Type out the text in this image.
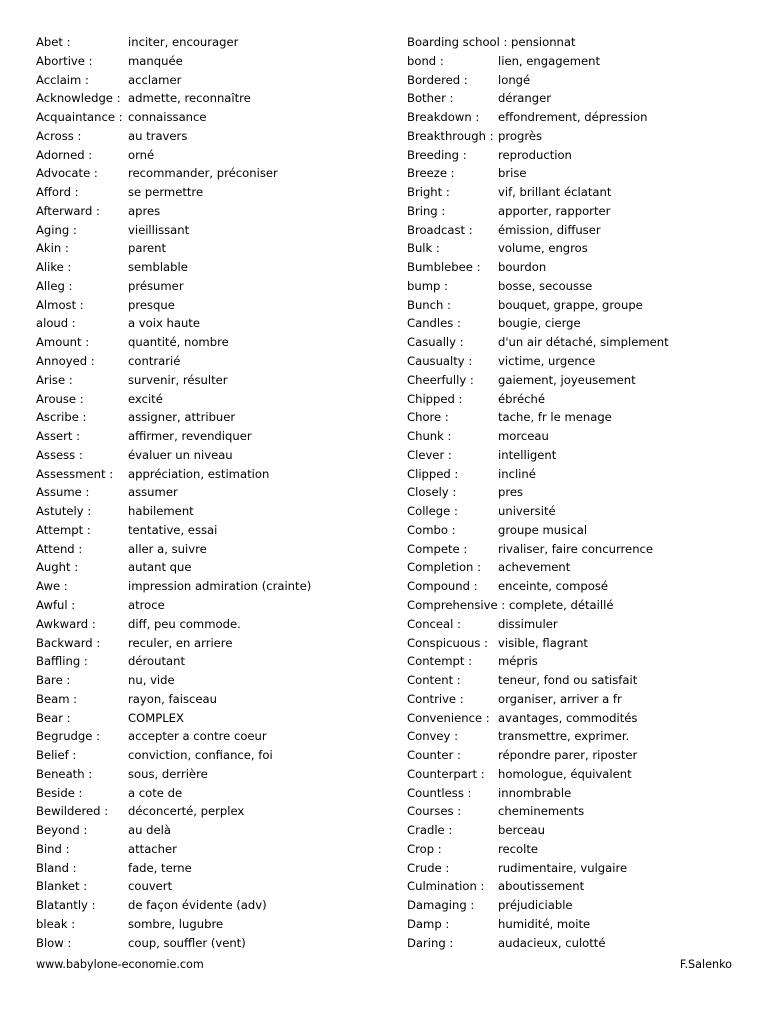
Abet :	inciter, encourager
Abortive :	manquée
Acclaim :	acclamer
Acknowledge : admette, reconnaître
Acquaintance : connaissance
Across :	au travers
Adorned :	orné
Advocate :	recommander, préconiser
Afford :	se permettre
Afterward : apres
Aging :	vieillissant
Akin :	parent
Alike :	semblable
Alleg :	présumer
Almost :	presque
aloud :	a voix haute
Amount :	quantité, nombre
Annoyed :	contrarié
Arise :	survenir, résulter
Arouse :	excité
Ascribe :	assigner, attribuer
Assert :	affirmer, revendiquer
Assess :	évaluer un niveau
Assessment : appréciation, estimation
Assume :	assumer
Astutely :	habilement
Attempt :	tentative, essai
Attend :	aller a, suivre
Aught :	autant que
Awe :	impression admiration (crainte)
Awful :	atroce
Awkward :	diff, peu commode.
Backward : reculer, en arriere
Baffling :	déroutant
Bare :	nu, vide
Beam :	rayon, faisceau
Bear :	COMPLEX
Begrudge : accepter a contre coeur
Belief :	conviction, confiance, foi
Beneath :	sous, derrière
Beside :	a cote de
Bewildered : déconcerté, perplex
Beyond :	au delà
Bind :	attacher
Bland :	fade, terne
Blanket :	couvert
Blatantly :	de façon évidente (adv)
bleak :	sombre, lugubre
Blow :	coup, souffler (vent)
Boarding school : pensionnat
bond :	lien, engagement
Bordered :	longé
Bother :	déranger
Breakdown : effondrement, dépression
Breakthrough : progrès
Breeding :	reproduction
Breeze :	brise
Bright :	vif, brillant éclatant
Bring :	apporter, rapporter
Broadcast : émission, diffuser
Bulk :	volume, engros
Bumblebee : bourdon
bump :	bosse, secousse
Bunch :	bouquet, grappe, groupe
Candles :	bougie, cierge
Casually :	d'un air détaché, simplement
Causualty : victime, urgence
Cheerfully : gaiement, joyeusement
Chipped :	ébréché
Chore :	tache, fr le menage
Chunk :	morceau
Clever :	intelligent
Clipped :	incliné
Closely :	pres
College :	université
Combo :	groupe musical
Compete :	rivaliser, faire concurrence
Completion : achevement
Compound : enceinte, composé
Comprehensive : complete, détaillé
Conceal :	dissimuler
Conspicuous : visible, flagrant
Contempt : mépris
Content :	teneur, fond ou satisfait
Contrive :	organiser, arriver a fr
Convenience : avantages, commodités
Convey :	transmettre, exprimer.
Counter :	répondre parer, riposter
Counterpart : homologue, équivalent
Countless : innombrable
Courses :	cheminements
Cradle :	berceau
Crop :	recolte
Crude :	rudimentaire, vulgaire
Culmination : aboutissement
Damaging : préjudiciable
Damp :	humidité, moite
Daring :	audacieux, culotté
www.babylone-economie.com	F.Salenko
